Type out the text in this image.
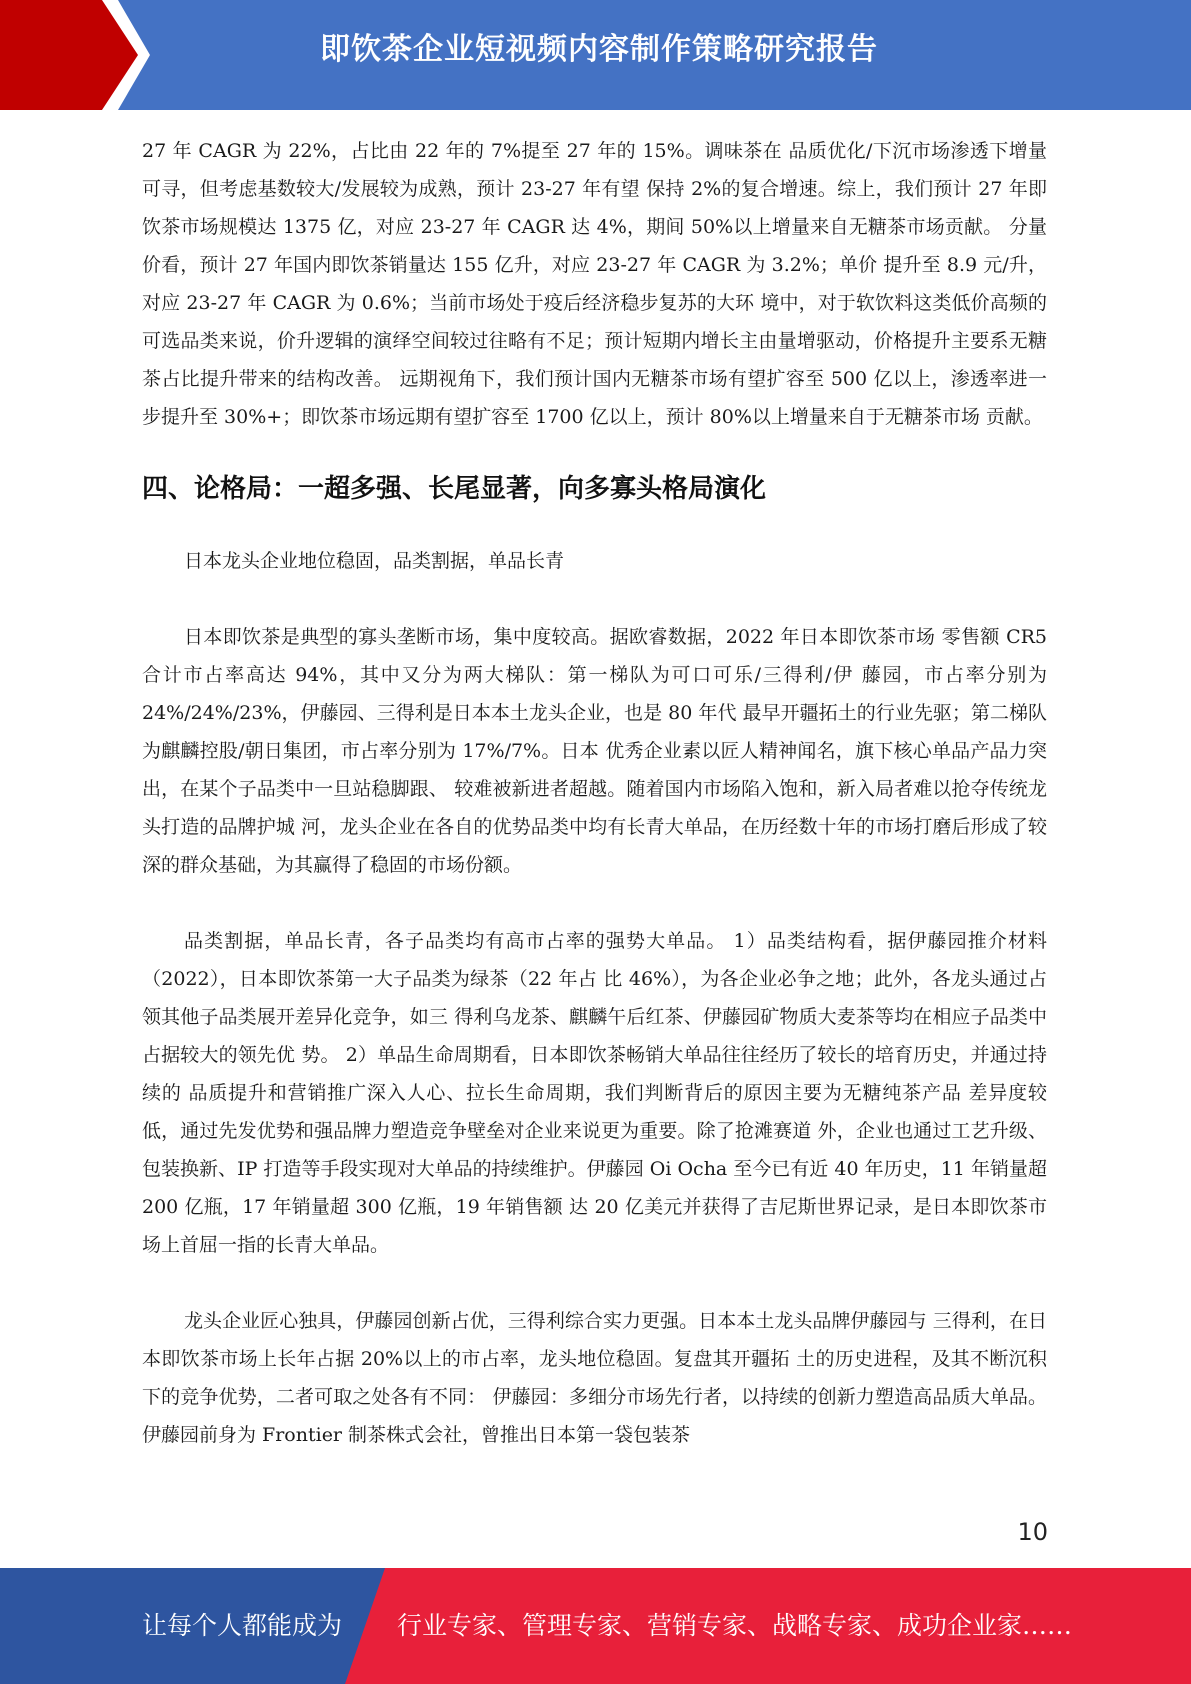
即饮茶企业短视频内容制作策略研究报告

27 年 CAGR 为 22%，占比由 22 年的 7%提至 27 年的 15%。调味茶在 品质优化/下沉市场渗透下增量可寻，但考虑基数较大/发展较为成熟，预计 23-27 年有望 保持 2%的复合增速。综上，我们预计 27 年即饮茶市场规模达 1375 亿，对应 23-27 年 CAGR 达 4%，期间 50%以上增量来自无糖茶市场贡献。 分量价看，预计 27 年国内即饮茶销量达 155 亿升，对应 23-27 年 CAGR 为 3.2%；单价 提升至 8.9 元/升，对应 23-27 年 CAGR 为 0.6%；当前市场处于疫后经济稳步复苏的大环 境中，对于软饮料这类低价高频的可选品类来说，价升逻辑的演绎空间较过往略有不足；预计短期内增长主由量增驱动，价格提升主要系无糖茶占比提升带来的结构改善。 远期视角下，我们预计国内无糖茶市场有望扩容至 500 亿以上，渗透率进一步提升至 30%+；即饮茶市场远期有望扩容至 1700 亿以上，预计 80%以上增量来自于无糖茶市场 贡献。

四、论格局：一超多强、长尾显著，向多寡头格局演化

日本龙头企业地位稳固，品类割据，单品长青

日本即饮茶是典型的寡头垄断市场，集中度较高。据欧睿数据，2022 年日本即饮茶市场 零售额 CR5 合计市占率高达 94%，其中又分为两大梯队：第一梯队为可口可乐/三得利/伊 藤园，市占率分别为 24%/24%/23%，伊藤园、三得利是日本本土龙头企业，也是 80 年代 最早开疆拓土的行业先驱；第二梯队为麒麟控股/朝日集团，市占率分别为 17%/7%。日本 优秀企业素以匠人精神闻名，旗下核心单品产品力突出，在某个子品类中一旦站稳脚跟、 较难被新进者超越。随着国内市场陷入饱和，新入局者难以抢夺传统龙头打造的品牌护城 河，龙头企业在各自的优势品类中均有长青大单品，在历经数十年的市场打磨后形成了较 深的群众基础，为其赢得了稳固的市场份额。

品类割据，单品长青，各子品类均有高市占率的强势大单品。 1）品类结构看，据伊藤园推介材料（2022），日本即饮茶第一大子品类为绿茶（22 年占 比 46%），为各企业必争之地；此外，各龙头通过占领其他子品类展开差异化竞争，如三 得利乌龙茶、麒麟午后红茶、伊藤园矿物质大麦茶等均在相应子品类中占据较大的领先优 势。 2）单品生命周期看，日本即饮茶畅销大单品往往经历了较长的培育历史，并通过持续的 品质提升和营销推广深入人心、拉长生命周期，我们判断背后的原因主要为无糖纯茶产品 差异度较低，通过先发优势和强品牌力塑造竞争壁垒对企业来说更为重要。除了抢滩赛道 外，企业也通过工艺升级、包装换新、IP 打造等手段实现对大单品的持续维护。伊藤园 Oi Ocha 至今已有近 40 年历史，11 年销量超 200 亿瓶，17 年销量超 300 亿瓶，19 年销售额 达 20 亿美元并获得了吉尼斯世界记录，是日本即饮茶市场上首屈一指的长青大单品。

龙头企业匠心独具，伊藤园创新占优，三得利综合实力更强。日本本土龙头品牌伊藤园与 三得利，在日本即饮茶市场上长年占据 20%以上的市占率，龙头地位稳固。复盘其开疆拓 土的历史进程，及其不断沉积下的竞争优势，二者可取之处各有不同： 伊藤园：多细分市场先行者，以持续的创新力塑造高品质大单品。伊藤园前身为 Frontier 制茶株式会社，曾推出日本第一袋包装茶

10
让每个人都能成为 行业专家、管理专家、营销专家、战略专家、成功企业家……
